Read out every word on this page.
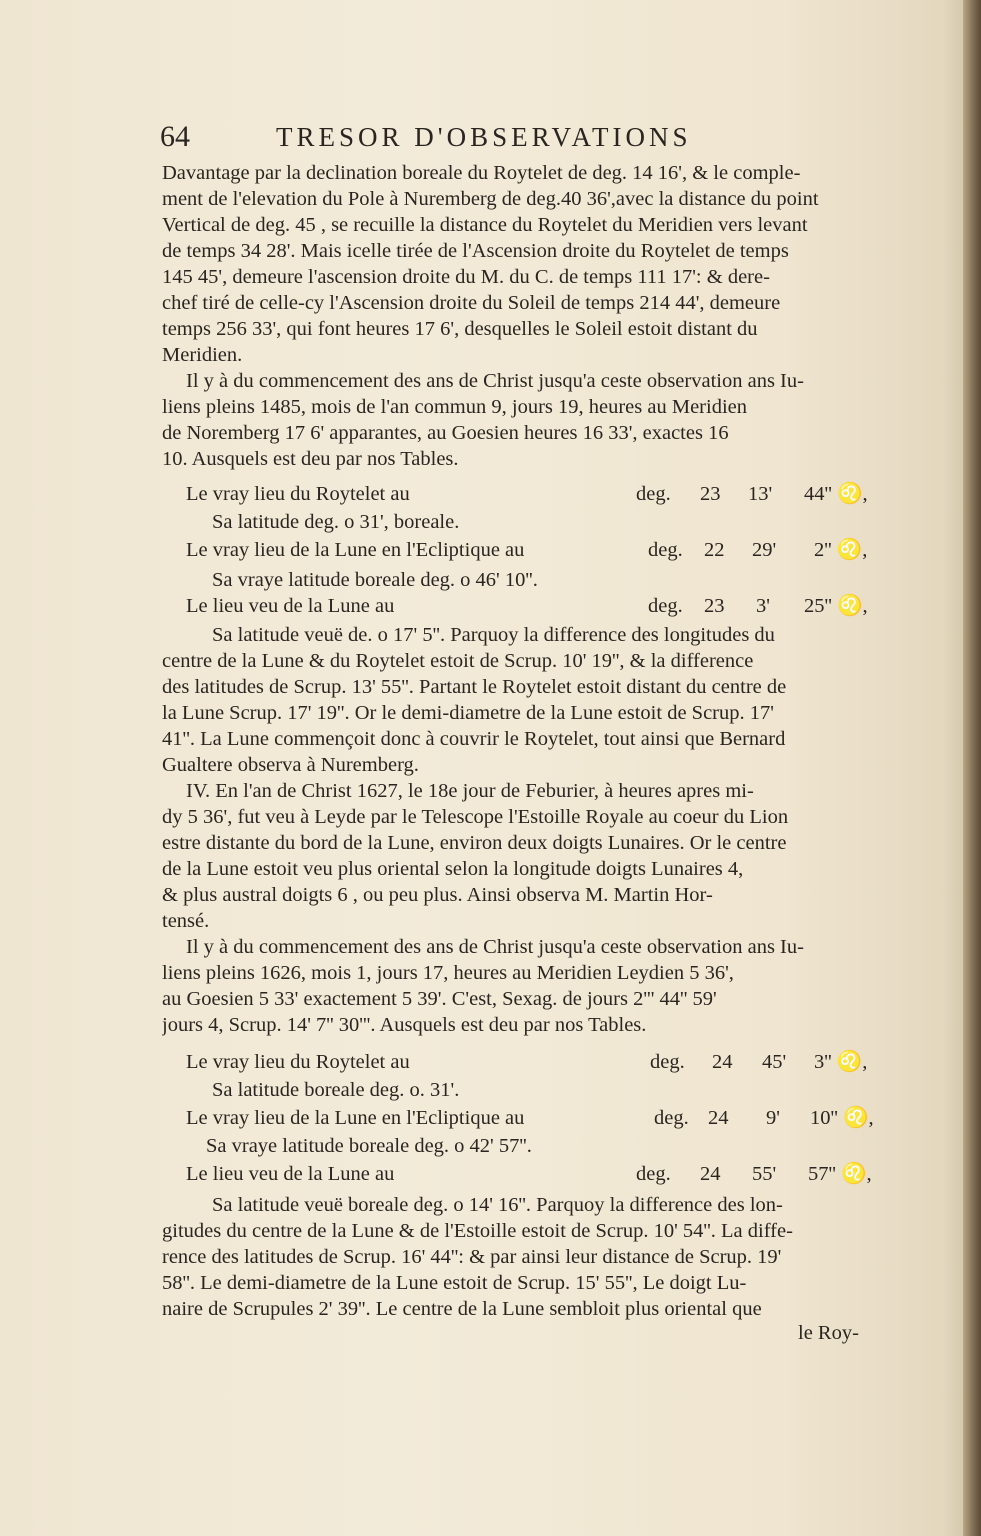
64	TRESOR D'OBSERVATIONS
Davantage par la declination boreale du Roytelet de deg. 14 16', & le comple-
ment de l'elevation du Pole à Nuremberg de deg.40 36',avec la distance du point
Vertical de deg. 45 , se recuille la distance du Roytelet du Meridien vers levant
de temps 34 28'. Mais icelle tirée de l'Ascension droite du Roytelet de temps
145 45', demeure l'ascension droite du M. du C. de temps 111 17': & dere-
chef tiré de celle-cy l'Ascension droite du Soleil de temps 214 44', demeure
temps 256 33', qui font heures 17 6', desquelles le Soleil estoit distant du
Meridien.
Il y à du commencement des ans de Christ jusqu'a ceste observation ans Iu-
liens pleins 1485, mois de l'an commun 9, jours 19, heures au Meridien
de Noremberg 17 6' apparantes, au Goesien heures 16 33', exactes 16
10. Ausquels est deu par nos Tables.
Le vray lieu du Roytelet au	deg. 23 13' 44'' ♌,
Sa latitude deg. o 31', boreale.
Le vray lieu de la Lune en l'Ecliptique au	deg. 22 29' 2'' ♌,
Sa vraye latitude boreale deg. o 46' 10''.
Le lieu veu de la Lune au	deg. 23 3' 25'' ♌,
Sa latitude veuë de. o 17' 5''. Parquoy la difference des longitudes du
centre de la Lune & du Roytelet estoit de Scrup. 10' 19'', & la difference
des latitudes de Scrup. 13' 55''. Partant le Roytelet estoit distant du centre de
la Lune Scrup. 17' 19''. Or le demi-diametre de la Lune estoit de Scrup. 17'
41''. La Lune commençoit donc à couvrir le Roytelet, tout ainsi que Bernard
Gualtere observa à Nuremberg.
IV. En l'an de Christ 1627, le 18e jour de Feburier, à heures apres mi-
dy 5 36', fut veu à Leyde par le Telescope l'Estoille Royale au coeur du Lion
estre distante du bord de la Lune, environ deux doigts Lunaires. Or le centre
de la Lune estoit veu plus oriental selon la longitude doigts Lunaires 4,
& plus austral doigts 6 , ou peu plus. Ainsi observa M. Martin Hor-
tensé.
Il y à du commencement des ans de Christ jusqu'a ceste observation ans Iu-
liens pleins 1626, mois 1, jours 17, heures au Meridien Leydien 5 36',
au Goesien 5 33' exactement 5 39'. C'est, Sexag. de jours 2''' 44'' 59'
jours 4, Scrup. 14' 7'' 30'''. Ausquels est deu par nos Tables.
Le vray lieu du Roytelet au	deg. 24 45' 3'' ♌,
Sa latitude boreale deg. o. 31'.
Le vray lieu de la Lune en l'Ecliptique au	deg. 24 9' 10'' ♌,
Sa vraye latitude boreale deg. o 42' 57''.
Le lieu veu de la Lune au	deg. 24 55' 57'' ♌,
Sa latitude veuë boreale deg. o 14' 16''. Parquoy la difference des lon-
gitudes du centre de la Lune & de l'Estoille estoit de Scrup. 10' 54''. La diffe-
rence des latitudes de Scrup. 16' 44'': & par ainsi leur distance de Scrup. 19'
58''. Le demi-diametre de la Lune estoit de Scrup. 15' 55'', Le doigt Lu-
naire de Scrupules 2' 39''. Le centre de la Lune sembloit plus oriental que
le Roy-
